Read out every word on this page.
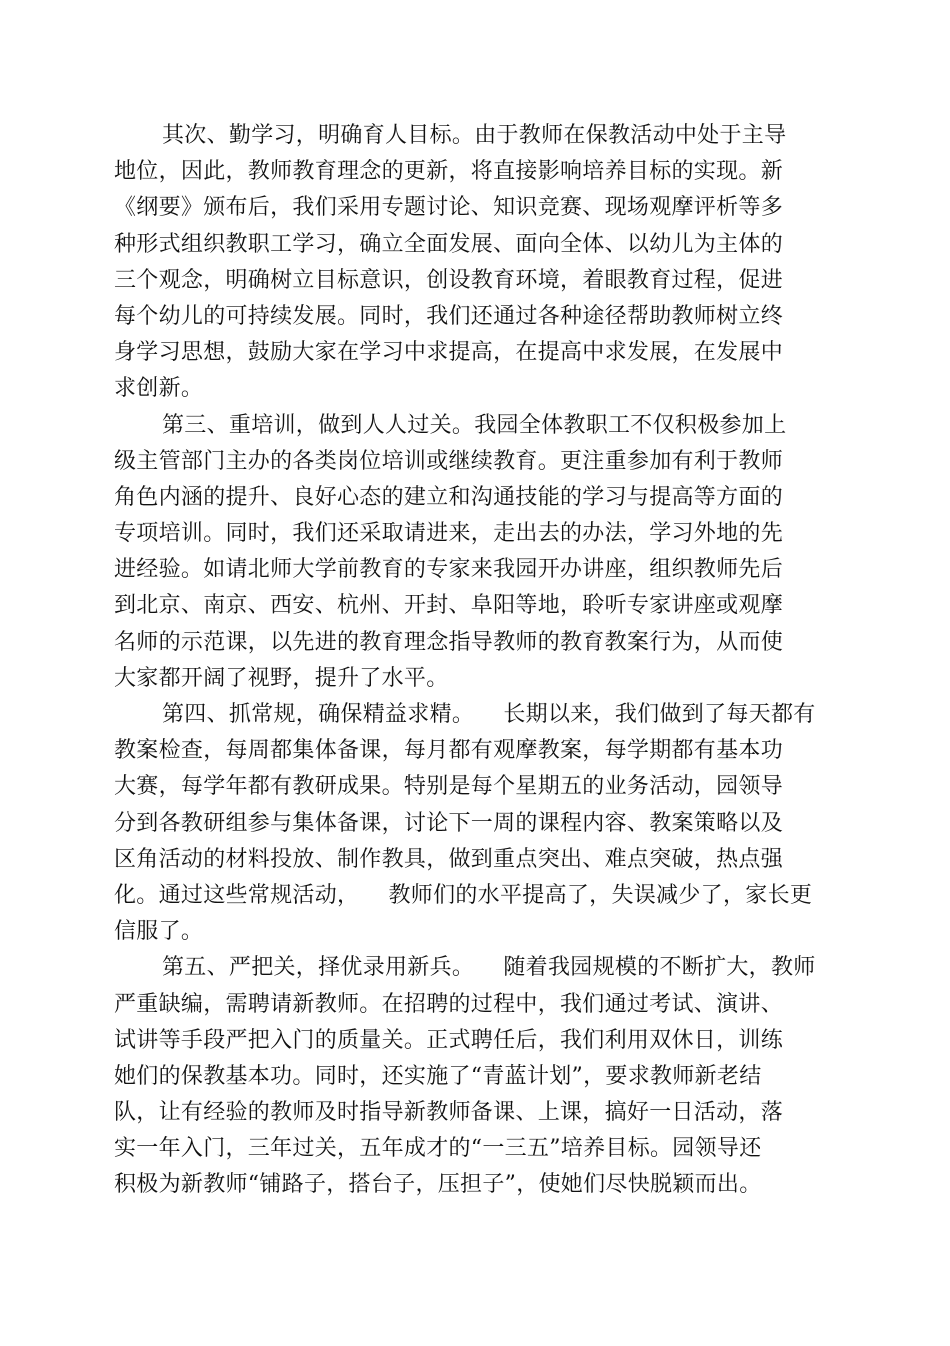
其次、勤学习，明确育人目标。由于教师在保教活动中处于主导
地位，因此，教师教育理念的更新，将直接影响培养目标的实现。新
《纲要》颁布后，我们采用专题讨论、知识竞赛、现场观摩评析等多
种形式组织教职工学习，确立全面发展、面向全体、以幼儿为主体的
三个观念，明确树立目标意识，创设教育环境，着眼教育过程，促进
每个幼儿的可持续发展。同时，我们还通过各种途径帮助教师树立终
身学习思想，鼓励大家在学习中求提高，在提高中求发展，在发展中
求创新。
第三、重培训，做到人人过关。我园全体教职工不仅积极参加上
级主管部门主办的各类岗位培训或继续教育。更注重参加有利于教师
角色内涵的提升、良好心态的建立和沟通技能的学习与提高等方面的
专项培训。同时，我们还采取请进来，走出去的办法，学习外地的先
进经验。如请北师大学前教育的专家来我园开办讲座，组织教师先后
到北京、南京、西安、杭州、开封、阜阳等地，聆听专家讲座或观摩
名师的示范课，以先进的教育理念指导教师的教育教案行为，从而使
大家都开阔了视野，提升了水平。
第四、抓常规，确保精益求精。    长期以来，我们做到了每天都有
教案检查，每周都集体备课，每月都有观摩教案，每学期都有基本功
大赛，每学年都有教研成果。特别是每个星期五的业务活动，园领导
分到各教研组参与集体备课，讨论下一周的课程内容、教案策略以及
区角活动的材料投放、制作教具，做到重点突出、难点突破，热点强
化。通过这些常规活动，    教师们的水平提高了，失误减少了，家长更
信服了。
第五、严把关，择优录用新兵。    随着我园规模的不断扩大，教师
严重缺编，需聘请新教师。在招聘的过程中，我们通过考试、演讲、
试讲等手段严把入门的质量关。正式聘任后，我们利用双休日，训练
她们的保教基本功。同时，还实施了“青蓝计划”，要求教师新老结
队，让有经验的教师及时指导新教师备课、上课，搞好一日活动，落
实一年入门，三年过关，五年成才的“一三五”培养目标。园领导还
积极为新教师“铺路子，搭台子，压担子”，使她们尽快脱颖而出。
